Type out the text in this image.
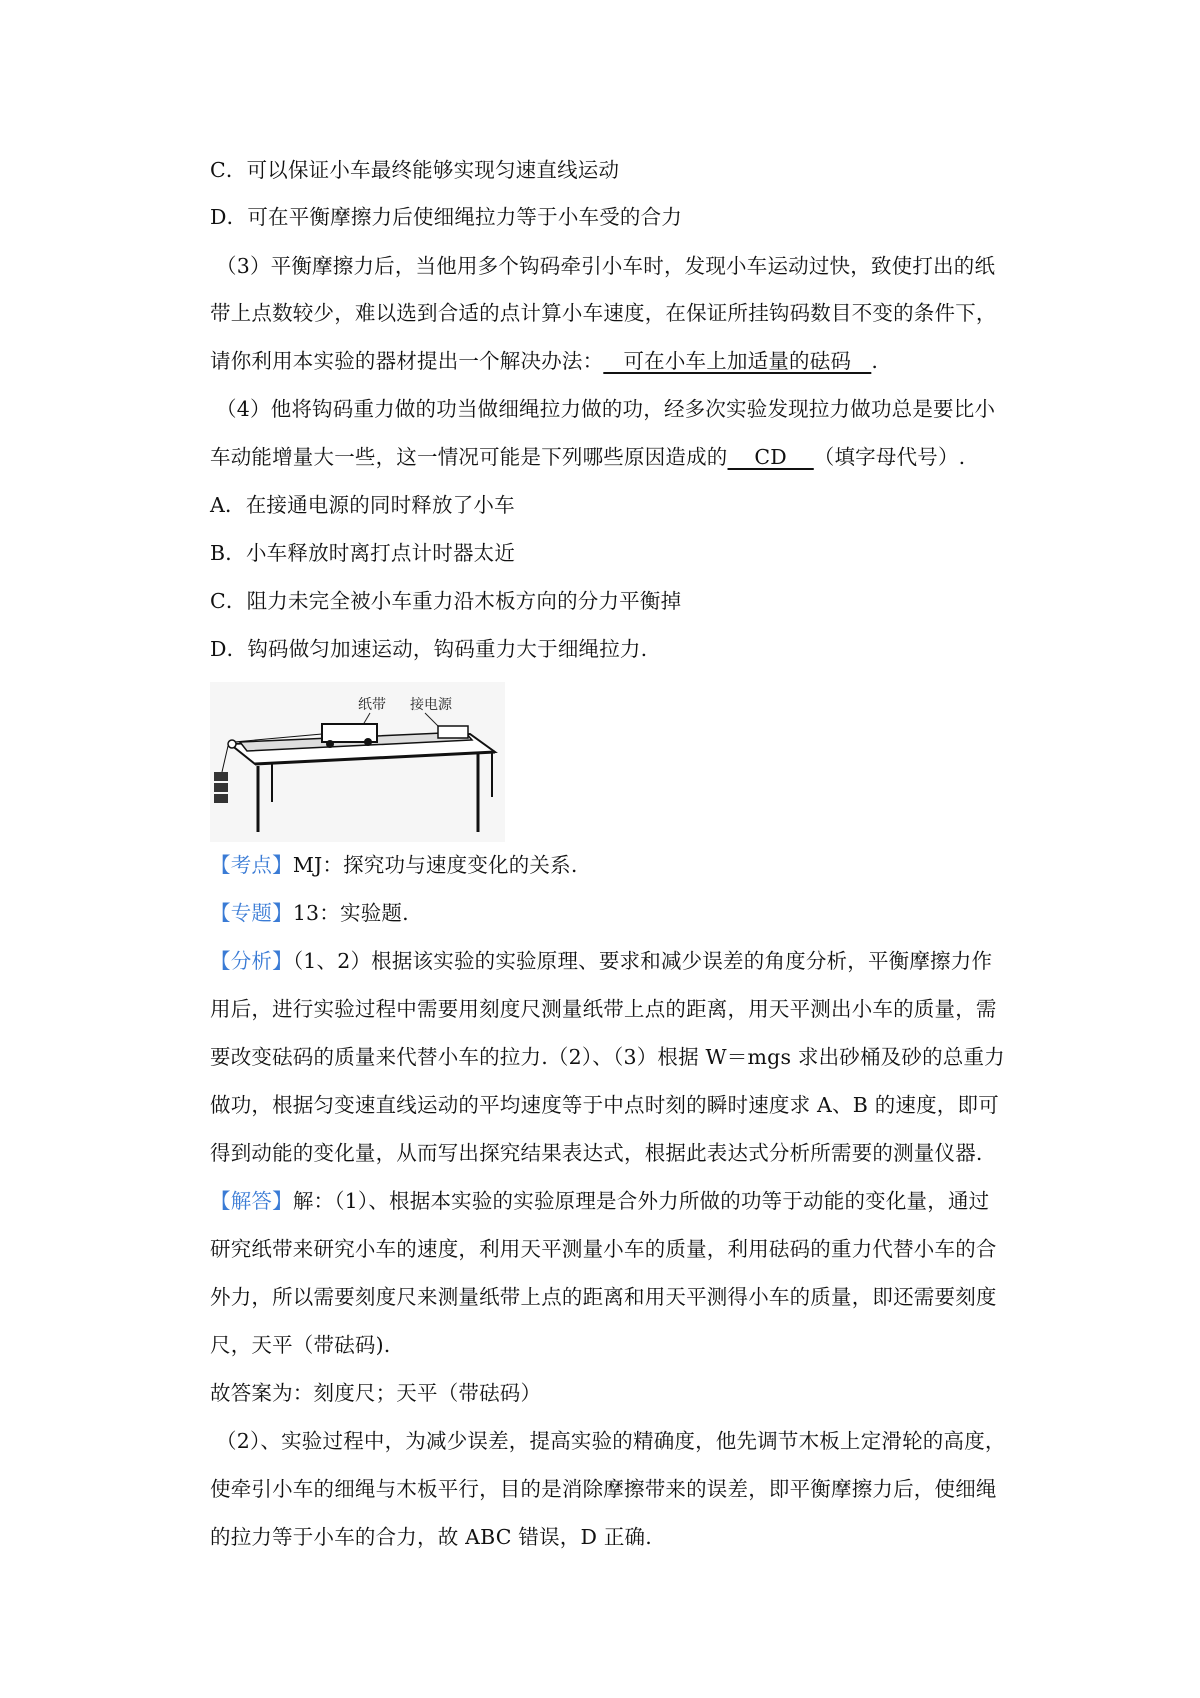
C．可以保证小车最终能够实现匀速直线运动
D．可在平衡摩擦力后使细绳拉力等于小车受的合力
（3）平衡摩擦力后，当他用多个钩码牵引小车时，发现小车运动过快，致使打出的纸
带上点数较少，难以选到合适的点计算小车速度，在保证所挂钩码数目不变的条件下，
请你利用本实验的器材提出一个解决办法：   可在小车上加适量的砝码   .
（4）他将钩码重力做的功当做细绳拉力做的功，经多次实验发现拉力做功总是要比小
车动能增量大一些，这一情况可能是下列哪些原因造成的    CD    （填字母代号）.
A．在接通电源的同时释放了小车
B．小车释放时离打点计时器太近
C．阻力未完全被小车重力沿木板方向的分力平衡掉
D．钩码做匀加速运动，钩码重力大于细绳拉力.
纸带 接电源
【考点】MJ：探究功与速度变化的关系.
【专题】13：实验题.
【分析】（1、2）根据该实验的实验原理、要求和减少误差的角度分析，平衡摩擦力作
用后，进行实验过程中需要用刻度尺测量纸带上点的距离，用天平测出小车的质量，需
要改变砝码的质量来代替小车的拉力.（2）、（3）根据 W＝mgs 求出砂桶及砂的总重力
做功，根据匀变速直线运动的平均速度等于中点时刻的瞬时速度求 A、B 的速度，即可
得到动能的变化量，从而写出探究结果表达式，根据此表达式分析所需要的测量仪器.
【解答】解：（1）、根据本实验的实验原理是合外力所做的功等于动能的变化量，通过
研究纸带来研究小车的速度，利用天平测量小车的质量，利用砝码的重力代替小车的合
外力，所以需要刻度尺来测量纸带上点的距离和用天平测得小车的质量，即还需要刻度
尺，天平（带砝码).
故答案为：刻度尺；天平（带砝码）
（2）、实验过程中，为减少误差，提高实验的精确度，他先调节木板上定滑轮的高度，
使牵引小车的细绳与木板平行，目的是消除摩擦带来的误差，即平衡摩擦力后，使细绳
的拉力等于小车的合力，故 ABC 错误，D 正确.
